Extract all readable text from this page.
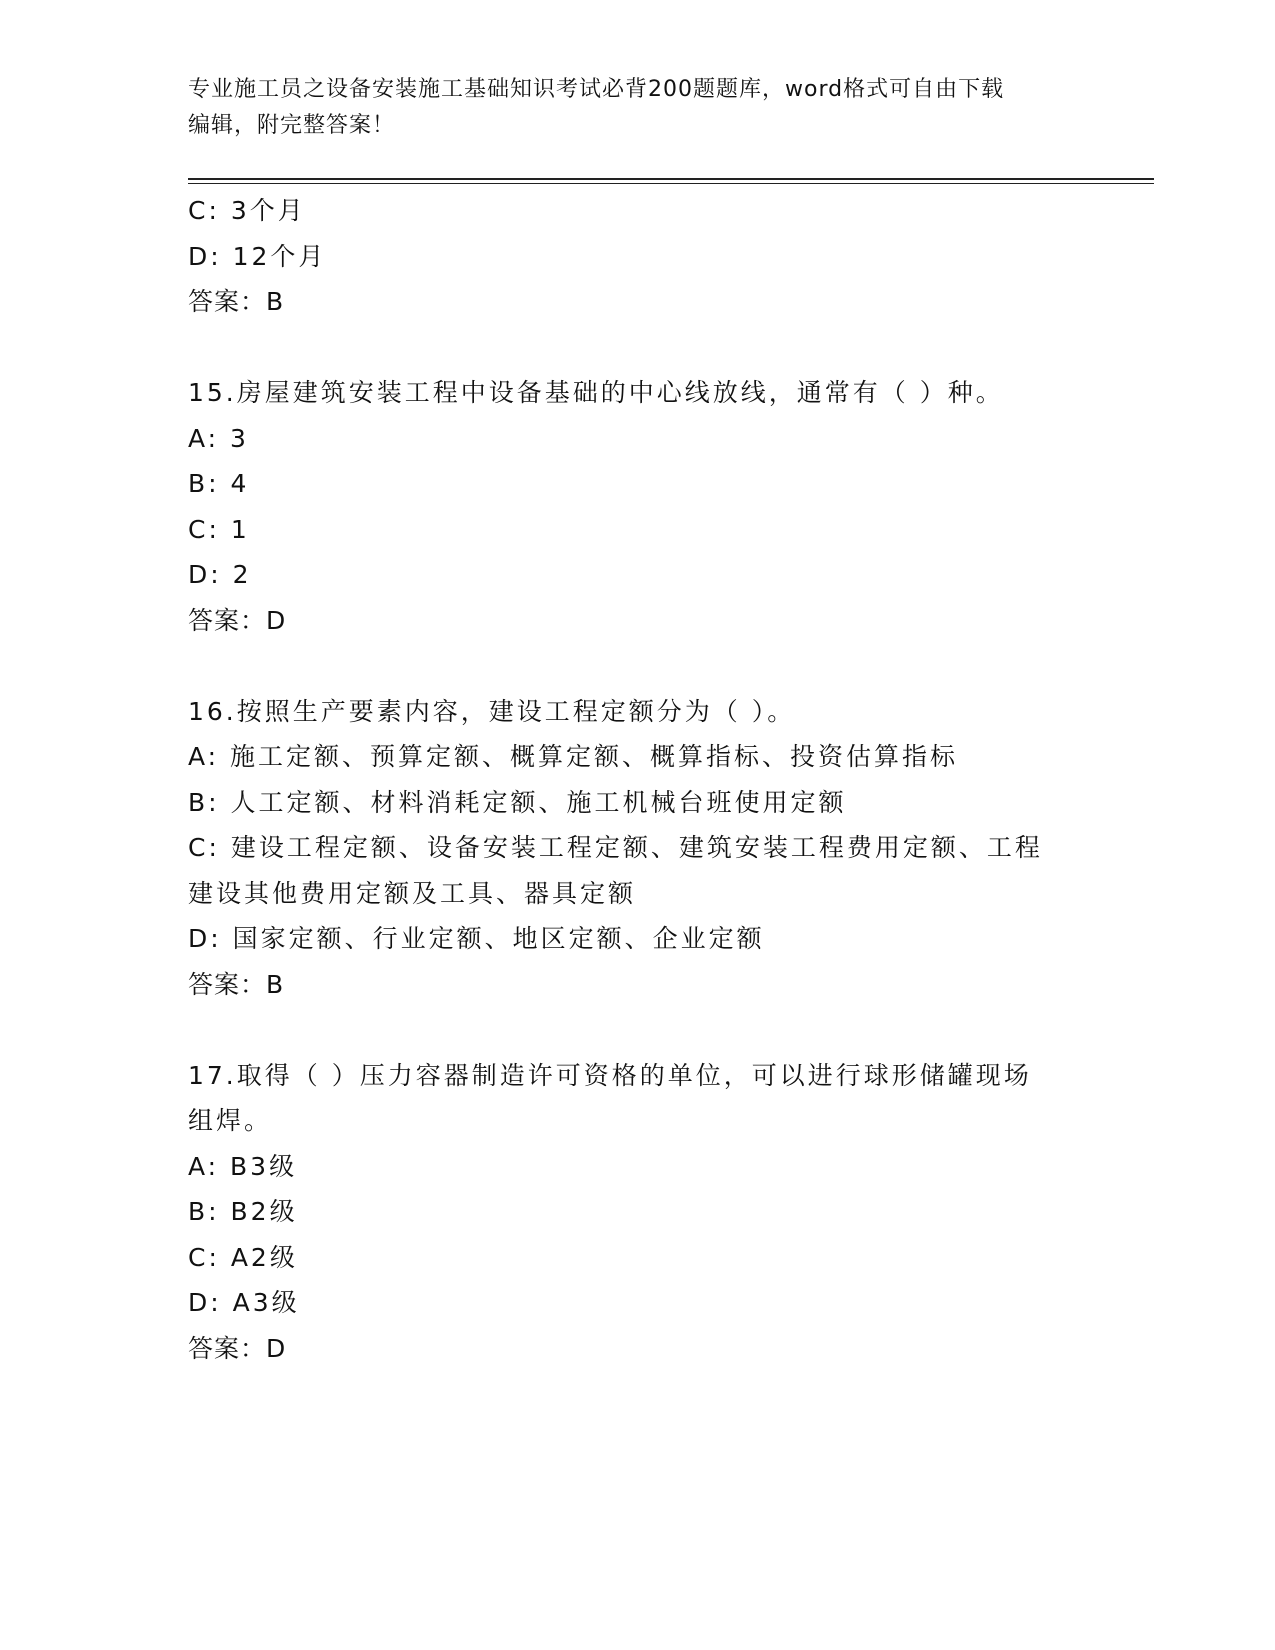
专业施工员之设备安装施工基础知识考试必背200题题库，word格式可自由下载
编辑，附完整答案！
C: 3个月
D: 12个月
答案：B
15.房屋建筑安装工程中设备基础的中心线放线，通常有（ ）种。
A: 3
B: 4
C: 1
D: 2
答案：D
16.按照生产要素内容，建设工程定额分为（ ）。
A: 施工定额、预算定额、概算定额、概算指标、投资估算指标
B: 人工定额、材料消耗定额、施工机械台班使用定额
C: 建设工程定额、设备安装工程定额、建筑安装工程费用定额、工程
建设其他费用定额及工具、器具定额
D: 国家定额、行业定额、地区定额、企业定额
答案：B
17.取得（ ）压力容器制造许可资格的单位，可以进行球形储罐现场
组焊。
A: B3级
B: B2级
C: A2级
D: A3级
答案：D
